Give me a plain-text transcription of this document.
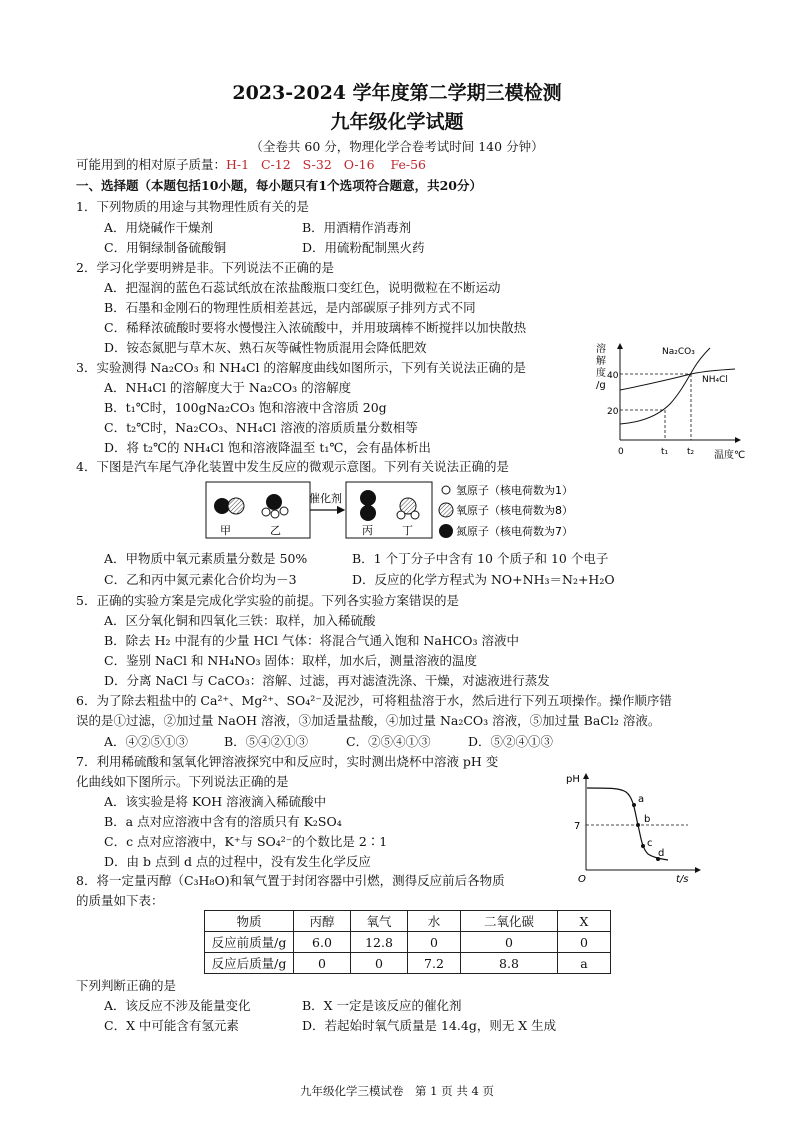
2023-2024 学年度第二学期三模检测
九年级化学试题
（全卷共 60 分，物理化学合卷考试时间 140 分钟）
可能用到的相对原子质量：H-1 C-12 S-32 O-16 Fe-56
一、选择题（本题包括10小题，每小题只有1个选项符合题意，共20分）
1．下列物质的用途与其物理性质有关的是
A．用烧碱作干燥剂	B．用酒精作消毒剂
C．用铜绿制备硫酸铜	D．用硫粉配制黑火药
2．学习化学要明辨是非。下列说法不正确的是
A．把湿润的蓝色石蕊试纸放在浓盐酸瓶口变红色，说明微粒在不断运动
B．石墨和金刚石的物理性质相差甚远，是内部碳原子排列方式不同
C．稀释浓硫酸时要将水慢慢注入浓硫酸中，并用玻璃棒不断搅拌以加快散热
D．铵态氮肥与草木灰、熟石灰等碱性物质混用会降低肥效
3．实验测得 Na₂CO₃ 和 NH₄Cl 的溶解度曲线如图所示，下列有关说法正确的是
A．NH₄Cl 的溶解度大于 Na₂CO₃ 的溶解度
B．t₁℃时，100gNa₂CO₃ 饱和溶液中含溶质 20g
C．t₂℃时，Na₂CO₃、NH₄Cl 溶液的溶质质量分数相等
D．将 t₂℃的 NH₄Cl 饱和溶液降温至 t₁℃，会有晶体析出
溶
解
度
/g
40
20
0	t₁ t₂ 温度℃
Na₂CO₃
NH₄Cl
4．下图是汽车尾气净化装置中发生反应的微观示意图。下列有关说法正确的是
催化剂
甲	乙	丙	丁
氢原子（核电荷数为1）
氧原子（核电荷数为8）
氮原子（核电荷数为7）
A．甲物质中氧元素质量分数是 50%	B．1 个丁分子中含有 10 个质子和 10 个电子
C．乙和丙中氮元素化合价均为－3	D．反应的化学方程式为 NO+NH₃＝N₂+H₂O
5．正确的实验方案是完成化学实验的前提。下列各实验方案错误的是
A．区分氧化铜和四氧化三铁：取样，加入稀硫酸
B．除去 H₂ 中混有的少量 HCl 气体：将混合气通入饱和 NaHCO₃ 溶液中
C．鉴别 NaCl 和 NH₄NO₃ 固体：取样，加水后，测量溶液的温度
D．分离 NaCl 与 CaCO₃：溶解、过滤，再对滤渣洗涤、干燥，对滤液进行蒸发
6．为了除去粗盐中的 Ca²⁺、Mg²⁺、SO₄²⁻及泥沙，可将粗盐溶于水，然后进行下列五项操作。操作顺序错
误的是①过滤，②加过量 NaOH 溶液，③加适量盐酸，④加过量 Na₂CO₃ 溶液，⑤加过量 BaCl₂ 溶液。
A．④②⑤①③	B．⑤④②①③	C．②⑤④①③	D．⑤②④①③
7．利用稀硫酸和氢氧化钾溶液探究中和反应时，实时测出烧杯中溶液 pH 变
化曲线如下图所示。下列说法正确的是
A．该实验是将 KOH 溶液滴入稀硫酸中
B．a 点对应溶液中含有的溶质只有 K₂SO₄
C．c 点对应溶液中，K⁺与 SO₄²⁻的个数比是 2∶1
D．由 b 点到 d 点的过程中，没有发生化学反应
a
b
c
d
pH
7
O	t/s
8．将一定量丙醇（C₃H₈O)和氧气置于封闭容器中引燃，测得反应前后各物质
的质量如下表：
物质	丙醇	氧气	水	二氧化碳	X
反应前质量/g	6.0	12.8	0	0	0
反应后质量/g	0	0	7.2	8.8	a
下列判断正确的是
A．该反应不涉及能量变化	B．X 一定是该反应的催化剂
C．X 中可能含有氢元素	D．若起始时氧气质量是 14.4g，则无 X 生成
九年级化学三模试卷　第 1 页 共 4 页
